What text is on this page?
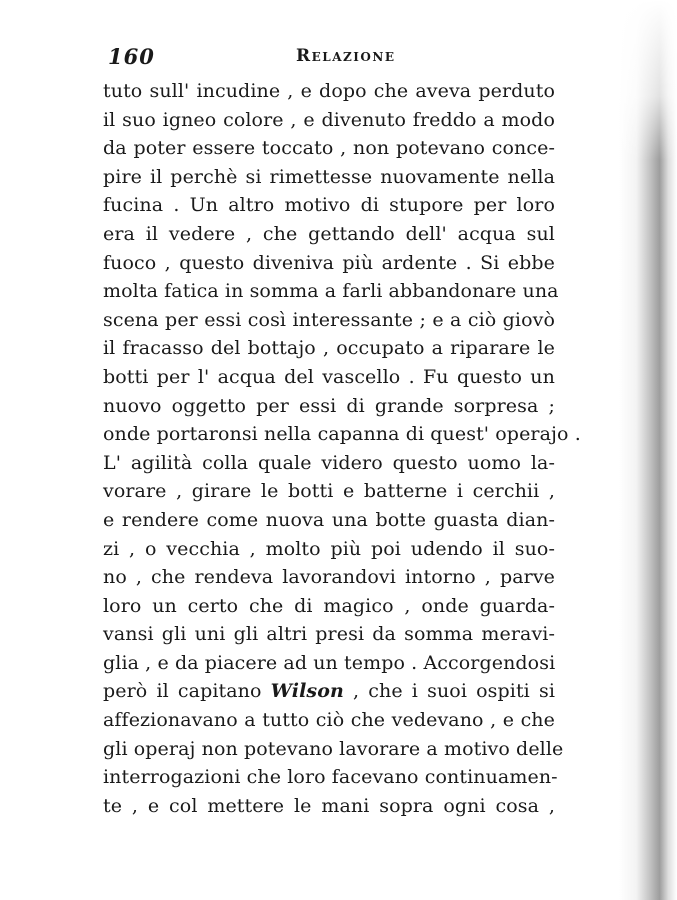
160	Relazione
tuto sull' incudine , e dopo che aveva perduto
il suo igneo colore , e divenuto freddo a modo
da poter essere toccato , non potevano conce-
pire il perchè si rimettesse nuovamente nella
fucina . Un altro motivo di stupore per loro
era il vedere , che gettando dell' acqua sul
fuoco , questo diveniva più ardente . Si ebbe
molta fatica in somma a farli abbandonare una
scena per essi così interessante ; e a ciò giovò
il fracasso del bottajo , occupato a riparare le
botti per l' acqua del vascello . Fu questo un
nuovo oggetto per essi di grande sorpresa ;
onde portaronsi nella capanna di quest' operajo .
L' agilità colla quale videro questo uomo la-
vorare , girare le botti e batterne i cerchii ,
e rendere come nuova una botte guasta dian-
zi , o vecchia , molto più poi udendo il suo-
no , che rendeva lavorandovi intorno , parve
loro un certo che di magico , onde guarda-
vansi gli uni gli altri presi da somma meravi-
glia , e da piacere ad un tempo . Accorgendosi
però il capitano Wilson , che i suoi ospiti si
affezionavano a tutto ciò che vedevano , e che
gli operaj non potevano lavorare a motivo delle
interrogazioni che loro facevano continuamen-
te , e col mettere le mani sopra ogni cosa ,
